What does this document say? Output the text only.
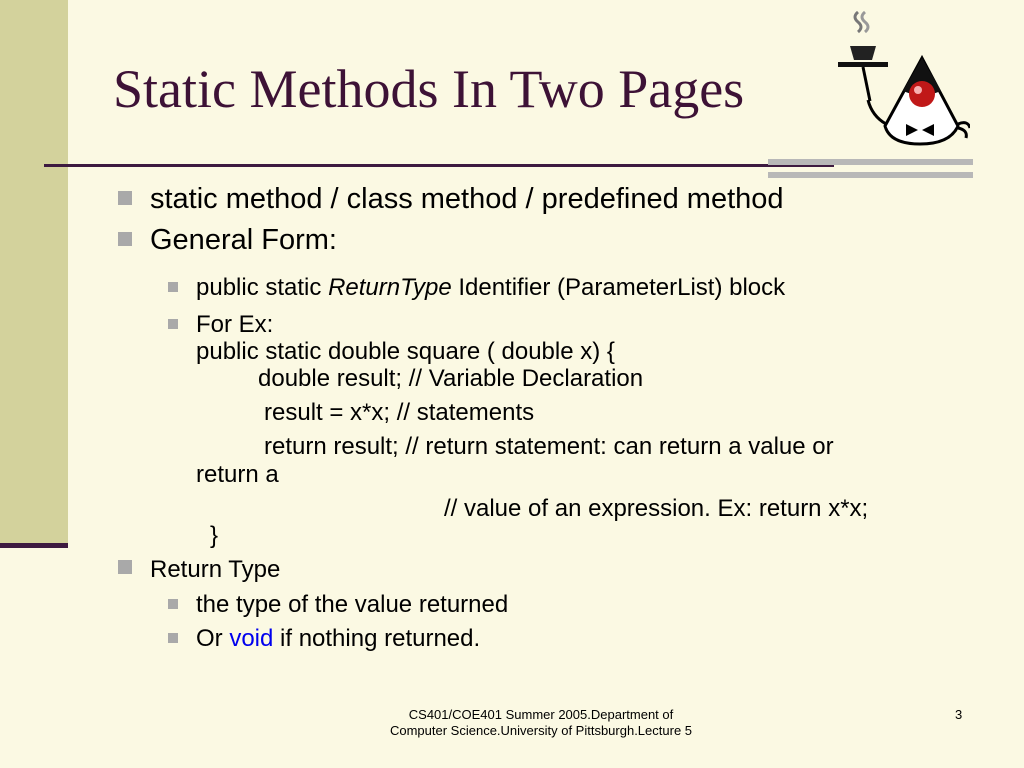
Static Methods In Two Pages
static method / class method / predefined method
General Form:
public static ReturnType Identifier (ParameterList) block
For Ex:
public static double square ( double x) {
double result; // Variable Declaration
result = x*x; // statements
return result; // return statement: can return a value or
return a
// value of an expression. Ex: return x*x;
}
Return Type
the type of the value returned
Or void if nothing returned.
CS401/COE401 Summer 2005.Department of Computer Science.University of Pittsburgh.Lecture 5
3
